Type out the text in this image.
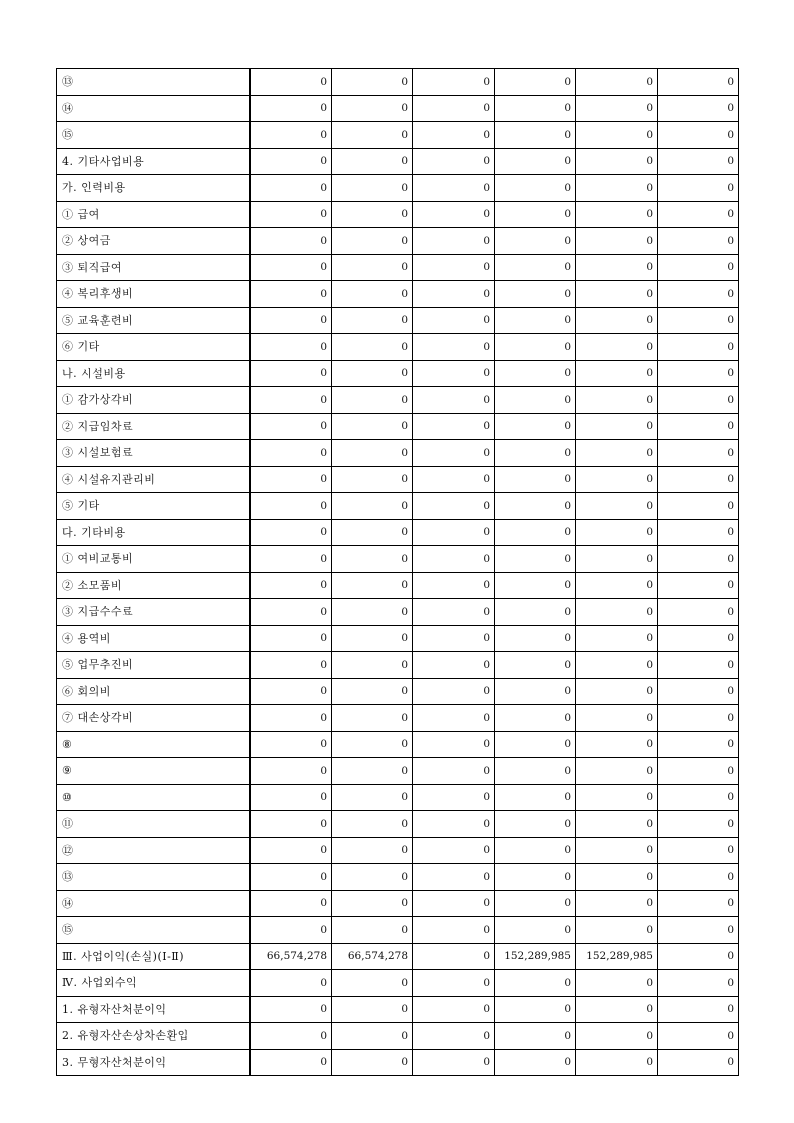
⑬	0	0	0	0	0	0
⑭	0	0	0	0	0	0
⑮	0	0	0	0	0	0
4. 기타사업비용	0	0	0	0	0	0
가. 인력비용	0	0	0	0	0	0
① 급여	0	0	0	0	0	0
② 상여금	0	0	0	0	0	0
③ 퇴직급여	0	0	0	0	0	0
④ 복리후생비	0	0	0	0	0	0
⑤ 교육훈련비	0	0	0	0	0	0
⑥ 기타	0	0	0	0	0	0
나. 시설비용	0	0	0	0	0	0
① 감가상각비	0	0	0	0	0	0
② 지급임차료	0	0	0	0	0	0
③ 시설보험료	0	0	0	0	0	0
④ 시설유지관리비	0	0	0	0	0	0
⑤ 기타	0	0	0	0	0	0
다. 기타비용	0	0	0	0	0	0
① 여비교통비	0	0	0	0	0	0
② 소모품비	0	0	0	0	0	0
③ 지급수수료	0	0	0	0	0	0
④ 용역비	0	0	0	0	0	0
⑤ 업무추진비	0	0	0	0	0	0
⑥ 회의비	0	0	0	0	0	0
⑦ 대손상각비	0	0	0	0	0	0
⑧	0	0	0	0	0	0
⑨	0	0	0	0	0	0
⑩	0	0	0	0	0	0
⑪	0	0	0	0	0	0
⑫	0	0	0	0	0	0
⑬	0	0	0	0	0	0
⑭	0	0	0	0	0	0
⑮	0	0	0	0	0	0
Ⅲ. 사업이익(손실)(Ⅰ-Ⅱ)	66,574,278	66,574,278	0	152,289,985	152,289,985	0
Ⅳ. 사업외수익	0	0	0	0	0	0
1. 유형자산처분이익	0	0	0	0	0	0
2. 유형자산손상차손환입	0	0	0	0	0	0
3. 무형자산처분이익	0	0	0	0	0	0
